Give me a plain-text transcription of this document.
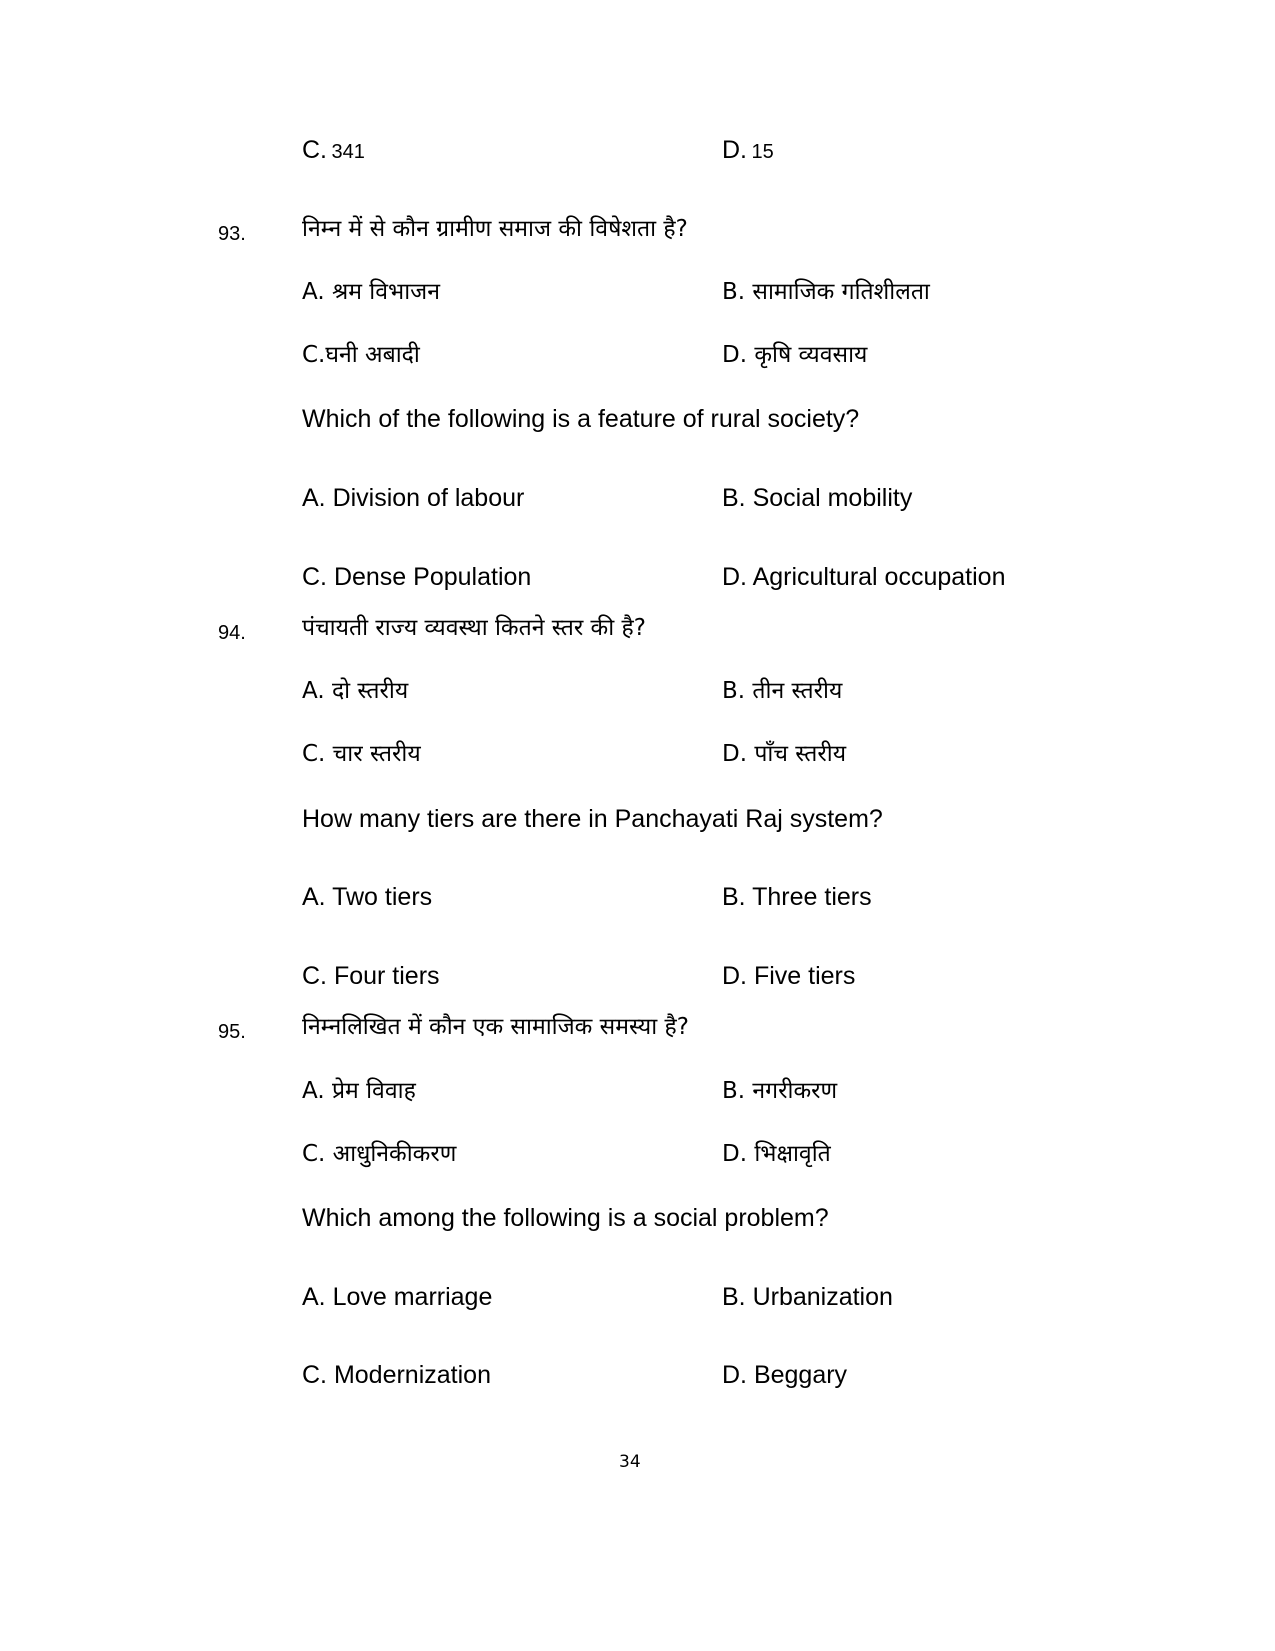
C. 341	D. 15
93. निम्न में से कौन ग्रामीण समाज की विषेशता है?
A. श्रम विभाजन	B. सामाजिक गतिशीलता
C.घनी अबादी	D. कृषि व्यवसाय
Which of the following is a feature of rural society?
A. Division of labour	B. Social mobility
C. Dense Population	D. Agricultural occupation
94. पंचायती राज्य व्यवस्था कितने स्तर की है?
A. दो स्तरीय	B. तीन स्तरीय
C. चार स्तरीय	D. पाँच स्तरीय
How many tiers are there in Panchayati Raj system?
A. Two tiers	B. Three tiers
C. Four tiers	D. Five tiers
95. निम्नलिखित में कौन एक सामाजिक समस्या है?
A. प्रेम विवाह	B. नगरीकरण
C. आधुनिकीकरण	D. भिक्षावृति
Which among the following is a social problem?
A. Love marriage	B. Urbanization
C. Modernization	D. Beggary
34
